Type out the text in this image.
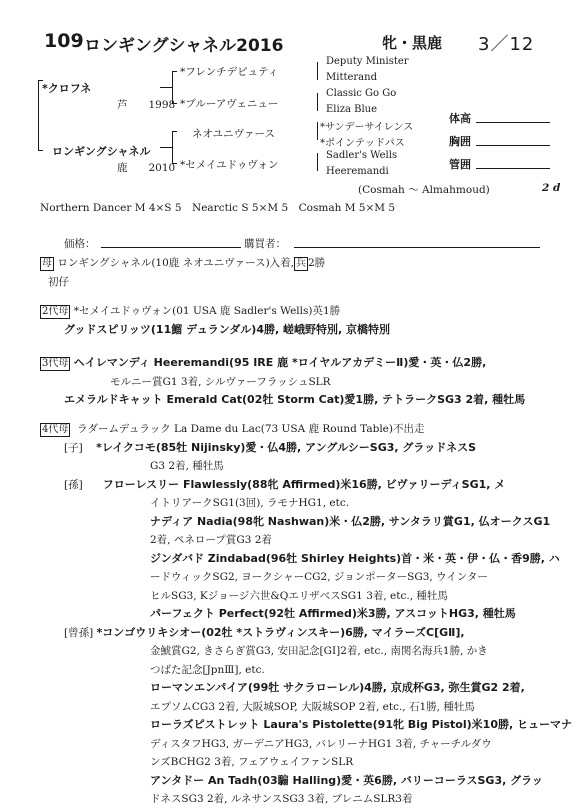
109 ロンギングシャネル2016	牝・黒鹿 3／12
*クロフネ
芦　　1998
ロンギングシャネル
鹿　　2010
*フレンチデピュティ
*ブルーアヴェニュー
ネオユニヴァース
*セメイユドゥヴォン
Deputy Minister
Mitterand
Classic Go Go
Eliza Blue
*サンデーサイレンス
*ポインテッドパス
Sadler's Wells
Heeremandi
(Cosmah ～ Almahmoud)	2 d
体高
胸囲
管囲
Northern Dancer M 4×S 5　Nearctic S 5×M 5　Cosmah M 5×M 5
価格：	購買者：
母 ロンギングシャネル(10鹿 ネオユニヴァース)入着, 兵 2勝
初仔
2代母 *セメイユドゥヴォン(01 USA 鹿 Sadler's Wells)英1勝
グッドスピリッツ(11鰡 デュランダル)4勝, 嵯峨野特別, 京橋特別
3代母 ヘイレマンディ Heeremandi(95 IRE 鹿 *ロイヤルアカデミーⅡ)愛・英・仏2勝,
モルニー賞G1 3着, シルヴァーフラッシュSLR
エメラルドキャット Emerald Cat(02牡 Storm Cat)愛1勝, テトラークSG3 2着, 種牡馬
4代母 ラダームデュラック La Dame du Lac(73 USA 鹿 Round Table)不出走
[子] *レイクコモ(85牡 Nijinsky)愛・仏4勝, アングルシーSG3, グラッドネスS
G3 2着, 種牡馬
[孫] フローレスリー Flawlessly(88牝 Affirmed)米16勝, ビヴァリーディSG1, メ
イトリアークSG1(3回), ラモナHG1, etc.
ナディア Nadia(98牝 Nashwan)米・仏2勝, サンタラリ賞G1, 仏オークスG1
2着, ペネロープ賞G3 2着
ジンダバド Zindabad(96牡 Shirley Heights)首・米・英・伊・仏・香9勝, ハ
ードウィックSG2, ヨークシャーCG2, ジョンポーターSG3, ウインター
ヒルSG3, Kジョージ六世&QエリザベスSG1 3着, etc., 種牡馬
パーフェクト Perfect(92牡 Affirmed)米3勝, アスコットHG3, 種牡馬
[曾孫] *コンゴウリキシオー(02牡 *ストラヴィンスキー)6勝, マイラーズC[GⅡ],
金鯱賞G2, きさらぎ賞G3, 安田記念[GⅠ]2着, etc., 南関名海兵1勝, かき
つばた記念[JpnⅢ], etc.
ローマンエンパイア(99牡 サクラローレル)4勝, 京成杯G3, 弥生賞G2 2着,
エプソムCG3 2着, 大阪城SOP, 大阪城SOP 2着, etc., 石1勝, 種牡馬
ローラズピストレット Laura's Pistolette(91牝 Big Pistol)米10勝, ヒューマナ
ディスタフHG3, ガーデニアHG3, バレリーナHG1 3着, チャーチルダウ
ンズBCHG2 3着, フェアウェイファンSLR
アンタドー An Tadh(03騸 Halling)愛・英6勝, バリーコーラスSG3, グラッ
ドネスSG3 2着, ルネサンスSG3 3着, ブレニムSLR3着
